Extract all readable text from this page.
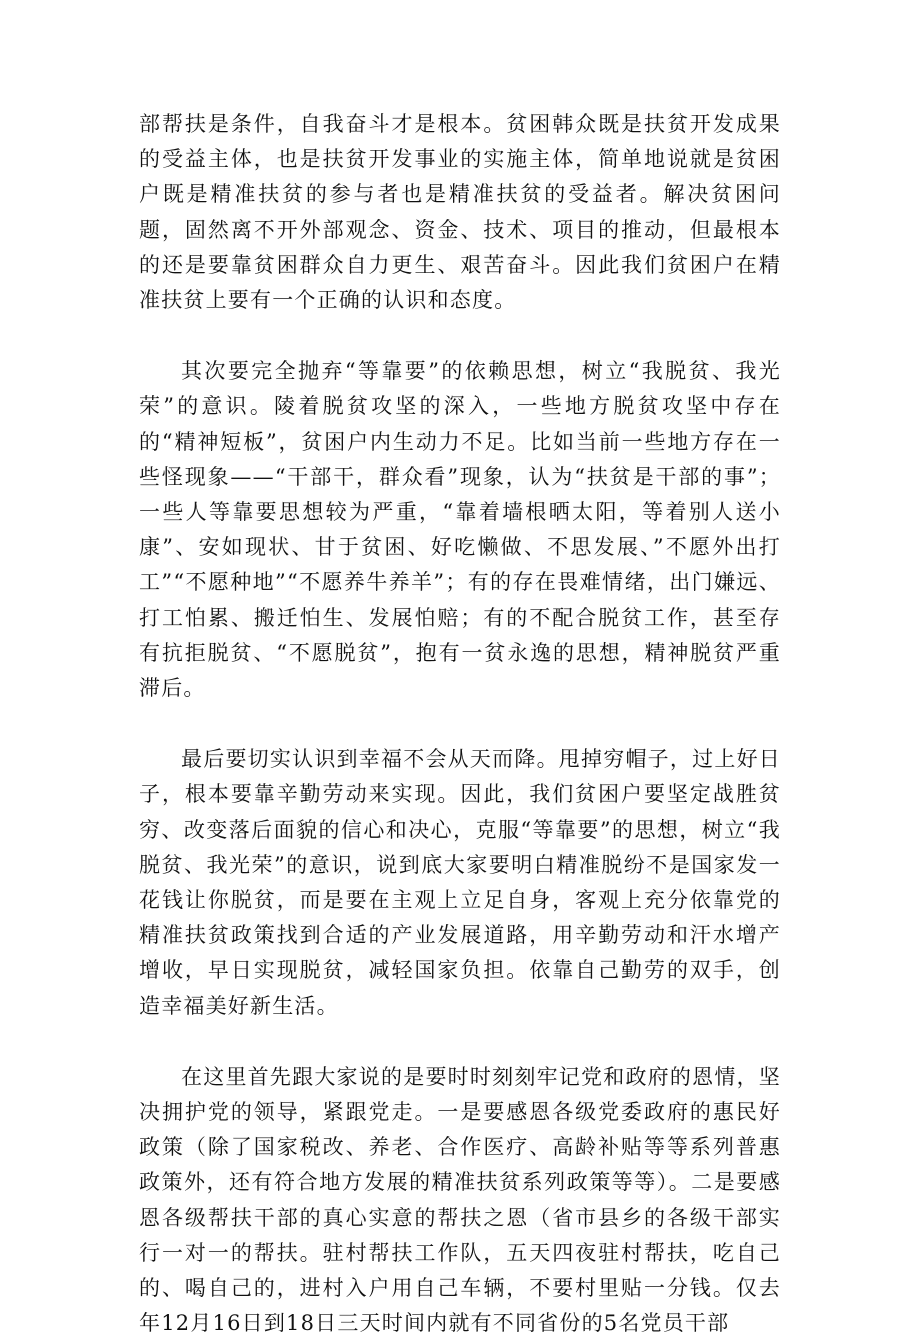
部帮扶是条件，自我奋斗才是根本。贫困韩众既是扶贫开发成果的受益主体，也是扶贫开发事业的实施主体，简单地说就是贫困户既是精准扶贫的参与者也是精准扶贫的受益者。解决贫困问题，固然离不开外部观念、资金、技术、项目的推动，但最根本的还是要靠贫困群众自力更生、艰苦奋斗。因此我们贫困户在精准扶贫上要有一个正确的认识和态度。

其次要完全抛弃“等靠要”的依赖思想，树立“我脱贫、我光荣”的意识。陵着脱贫攻坚的深入，一些地方脱贫攻坚中存在的“精神短板”，贫困户内生动力不足。比如当前一些地方存在一些怪现象——“干部干，群众看”现象，认为“扶贫是干部的事”；一些人等靠要思想较为严重，“靠着墙根晒太阳，等着别人送小康”、安如现状、甘于贫困、好吃懒做、不思发展、”不愿外出打工”“不愿种地”“不愿养牛养羊”；有的存在畏难情绪，出门嫌远、打工怕累、搬迁怕生、发展怕赔；有的不配合脱贫工作，甚至存有抗拒脱贫、“不愿脱贫”，抱有一贫永逸的思想，精神脱贫严重滞后。

最后要切实认识到幸福不会从天而降。甩掉穷帽子，过上好日子，根本要靠辛勤劳动来实现。因此，我们贫困户要坚定战胜贫穷、改变落后面貌的信心和决心，克服“等靠要”的思想，树立“我脱贫、我光荣”的意识，说到底大家要明白精准脱纷不是国家发一花钱让你脱贫，而是要在主观上立足自身，客观上充分依靠党的精准扶贫政策找到合适的产业发展道路，用辛勤劳动和汗水增产增收，早日实现脱贫，减轻国家负担。依靠自己勤劳的双手，创造幸福美好新生活。

在这里首先跟大家说的是要时时刻刻牢记党和政府的恩情，坚决拥护党的领导，紧跟党走。一是要感恩各级党委政府的惠民好政策（除了国家税改、养老、合作医疗、高龄补贴等等系列普惠政策外，还有符合地方发展的精准扶贫系列政策等等）。二是要感恩各级帮扶干部的真心实意的帮扶之恩（省市县乡的各级干部实行一对一的帮扶。驻村帮扶工作队，五天四夜驻村帮扶，吃自己的、喝自己的，进村入户用自己车辆，不要村里贴一分钱。仅去年12月16日到18日三天时间内就有不同省份的5名党员干部
